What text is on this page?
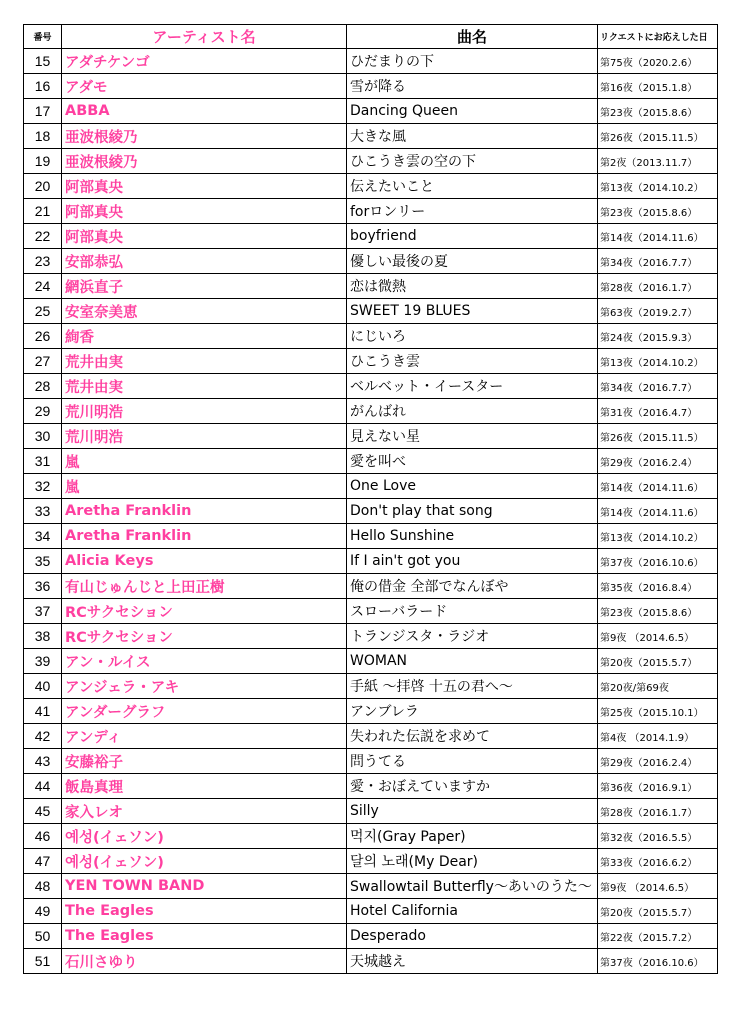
番号	アーティスト名	曲名	リクエストにお応えした日
15	アダチケンゴ	ひだまりの下	第75夜（2020.2.6）
16	アダモ	雪が降る	第16夜（2015.1.8）
17	ABBA	Dancing Queen	第23夜（2015.8.6）
18	亜波根綾乃	大きな風	第26夜（2015.11.5）
19	亜波根綾乃	ひこうき雲の空の下	第2夜（2013.11.7）
20	阿部真央	伝えたいこと	第13夜（2014.10.2）
21	阿部真央	forロンリー	第23夜（2015.8.6）
22	阿部真央	boyfriend	第14夜（2014.11.6）
23	安部恭弘	優しい最後の夏	第34夜（2016.7.7）
24	網浜直子	恋は微熱	第28夜（2016.1.7）
25	安室奈美恵	SWEET 19 BLUES	第63夜（2019.2.7）
26	絢香	にじいろ	第24夜（2015.9.3）
27	荒井由実	ひこうき雲	第13夜（2014.10.2）
28	荒井由実	ベルベット・イースター	第34夜（2016.7.7）
29	荒川明浩	がんばれ	第31夜（2016.4.7）
30	荒川明浩	見えない星	第26夜（2015.11.5）
31	嵐	愛を叫べ	第29夜（2016.2.4）
32	嵐	One Love	第14夜（2014.11.6）
33	Aretha Franklin	Don't play that song	第14夜（2014.11.6）
34	Aretha Franklin	Hello Sunshine	第13夜（2014.10.2）
35	Alicia Keys	If I ain't got you	第37夜（2016.10.6）
36	有山じゅんじと上田正樹	俺の借金 全部でなんぼや	第35夜（2016.8.4）
37	RCサクセション	スローバラード	第23夜（2015.8.6）
38	RCサクセション	トランジスタ・ラジオ	第9夜 （2014.6.5）
39	アン・ルイス	WOMAN	第20夜（2015.5.7）
40	アンジェラ・アキ	手紙 ～拝啓 十五の君へ～	第20夜/第69夜
41	アンダーグラフ	アンブレラ	第25夜（2015.10.1）
42	アンディ	失われた伝説を求めて	第4夜 （2014.1.9）
43	安藤裕子	問うてる	第29夜（2016.2.4）
44	飯島真理	愛・おぼえていますか	第36夜（2016.9.1）
45	家入レオ	Silly	第28夜（2016.1.7）
46	예성(イェソン)	먹지(Gray Paper)	第32夜（2016.5.5）
47	예성(イェソン)	달의 노래(My Dear)	第33夜（2016.6.2）
48	YEN TOWN BAND	Swallowtail Butterfly～あいのうた～	第9夜 （2014.6.5）
49	The Eagles	Hotel California	第20夜（2015.5.7）
50	The Eagles	Desperado	第22夜（2015.7.2）
51	石川さゆり	天城越え	第37夜（2016.10.6）
